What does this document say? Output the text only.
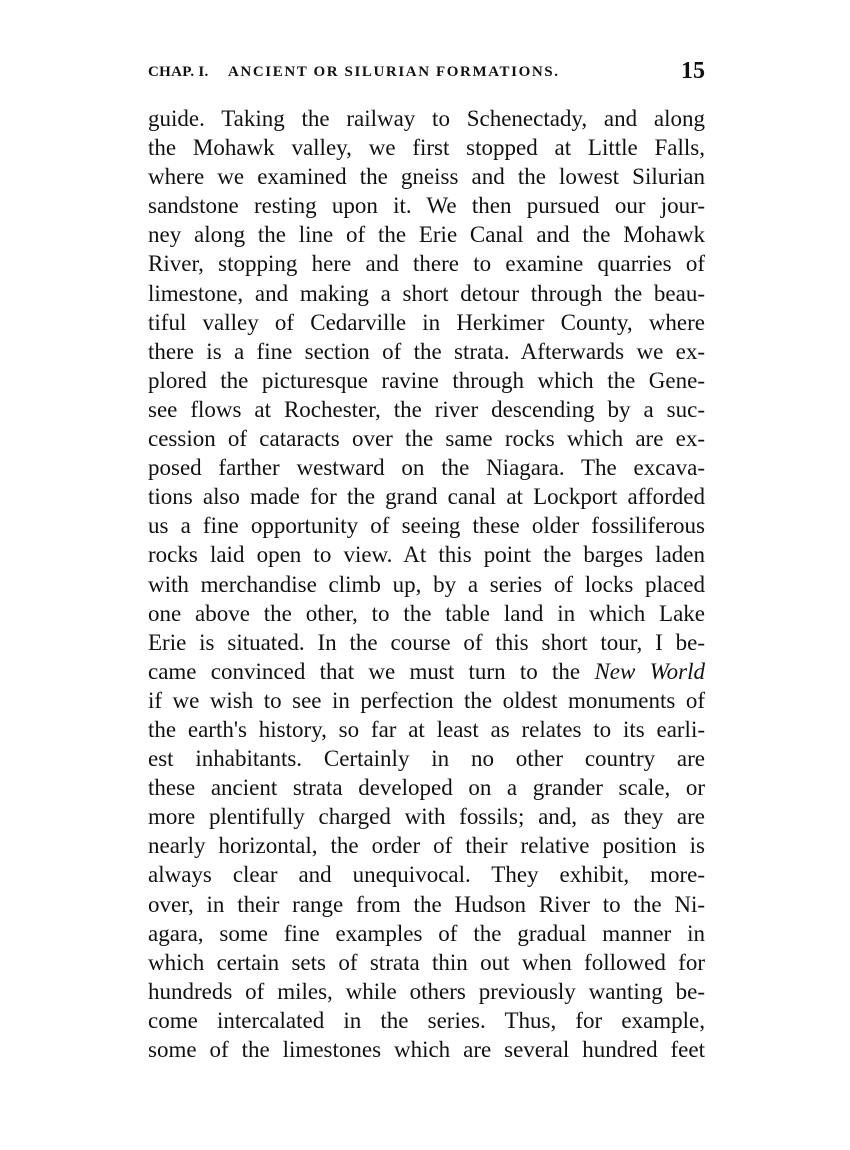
CHAP. I. ANCIENT OR SILURIAN FORMATIONS.	15
guide. Taking the railway to Schenectady, and along
the Mohawk valley, we first stopped at Little Falls,
where we examined the gneiss and the lowest Silurian
sandstone resting upon it. We then pursued our jour-
ney along the line of the Erie Canal and the Mohawk
River, stopping here and there to examine quarries of
limestone, and making a short detour through the beau-
tiful valley of Cedarville in Herkimer County, where
there is a fine section of the strata. Afterwards we ex-
plored the picturesque ravine through which the Gene-
see flows at Rochester, the river descending by a suc-
cession of cataracts over the same rocks which are ex-
posed farther westward on the Niagara. The excava-
tions also made for the grand canal at Lockport afforded
us a fine opportunity of seeing these older fossiliferous
rocks laid open to view. At this point the barges laden
with merchandise climb up, by a series of locks placed
one above the other, to the table land in which Lake
Erie is situated. In the course of this short tour, I be-
came convinced that we must turn to the New World
if we wish to see in perfection the oldest monuments of
the earth's history, so far at least as relates to its earli-
est inhabitants. Certainly in no other country are
these ancient strata developed on a grander scale, or
more plentifully charged with fossils; and, as they are
nearly horizontal, the order of their relative position is
always clear and unequivocal. They exhibit, more-
over, in their range from the Hudson River to the Ni-
agara, some fine examples of the gradual manner in
which certain sets of strata thin out when followed for
hundreds of miles, while others previously wanting be-
come intercalated in the series. Thus, for example,
some of the limestones which are several hundred feet
